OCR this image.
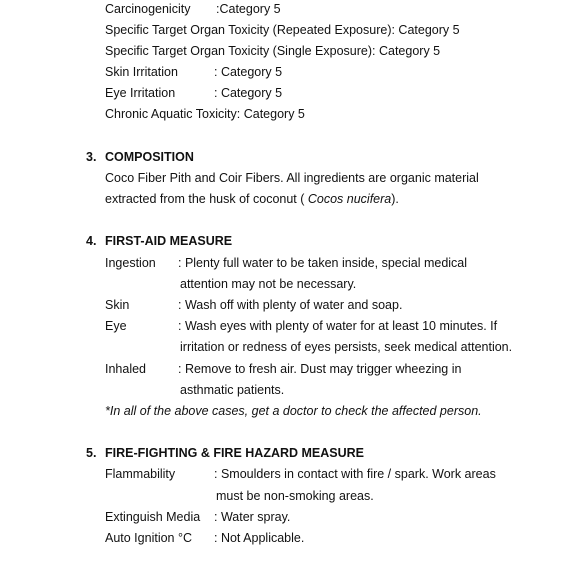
Carcinogenicity :Category 5
Specific Target Organ Toxicity (Repeated Exposure): Category 5
Specific Target Organ Toxicity (Single Exposure): Category 5
Skin Irritation	: Category 5
Eye Irritation	: Category 5
Chronic Aquatic Toxicity: Category 5
3. COMPOSITION
Coco Fiber Pith and Coir Fibers. All ingredients are organic material
extracted from the husk of coconut ( Cocos nucifera).
4. FIRST-AID MEASURE
Ingestion : Plenty full water to be taken inside, special medical
attention may not be necessary.
Skin	: Wash off with plenty of water and soap.
Eye	: Wash eyes with plenty of water for at least 10 minutes. If
irritation or redness of eyes persists, seek medical attention.
Inhaled	: Remove to fresh air. Dust may trigger wheezing in
asthmatic patients.
*In all of the above cases, get a doctor to check the affected person.
5. FIRE-FIGHTING & FIRE HAZARD MEASURE
Flammability	: Smoulders in contact with fire / spark. Work areas
must be non-smoking areas.
Extinguish Media : Water spray.
Auto Ignition °C : Not Applicable.
